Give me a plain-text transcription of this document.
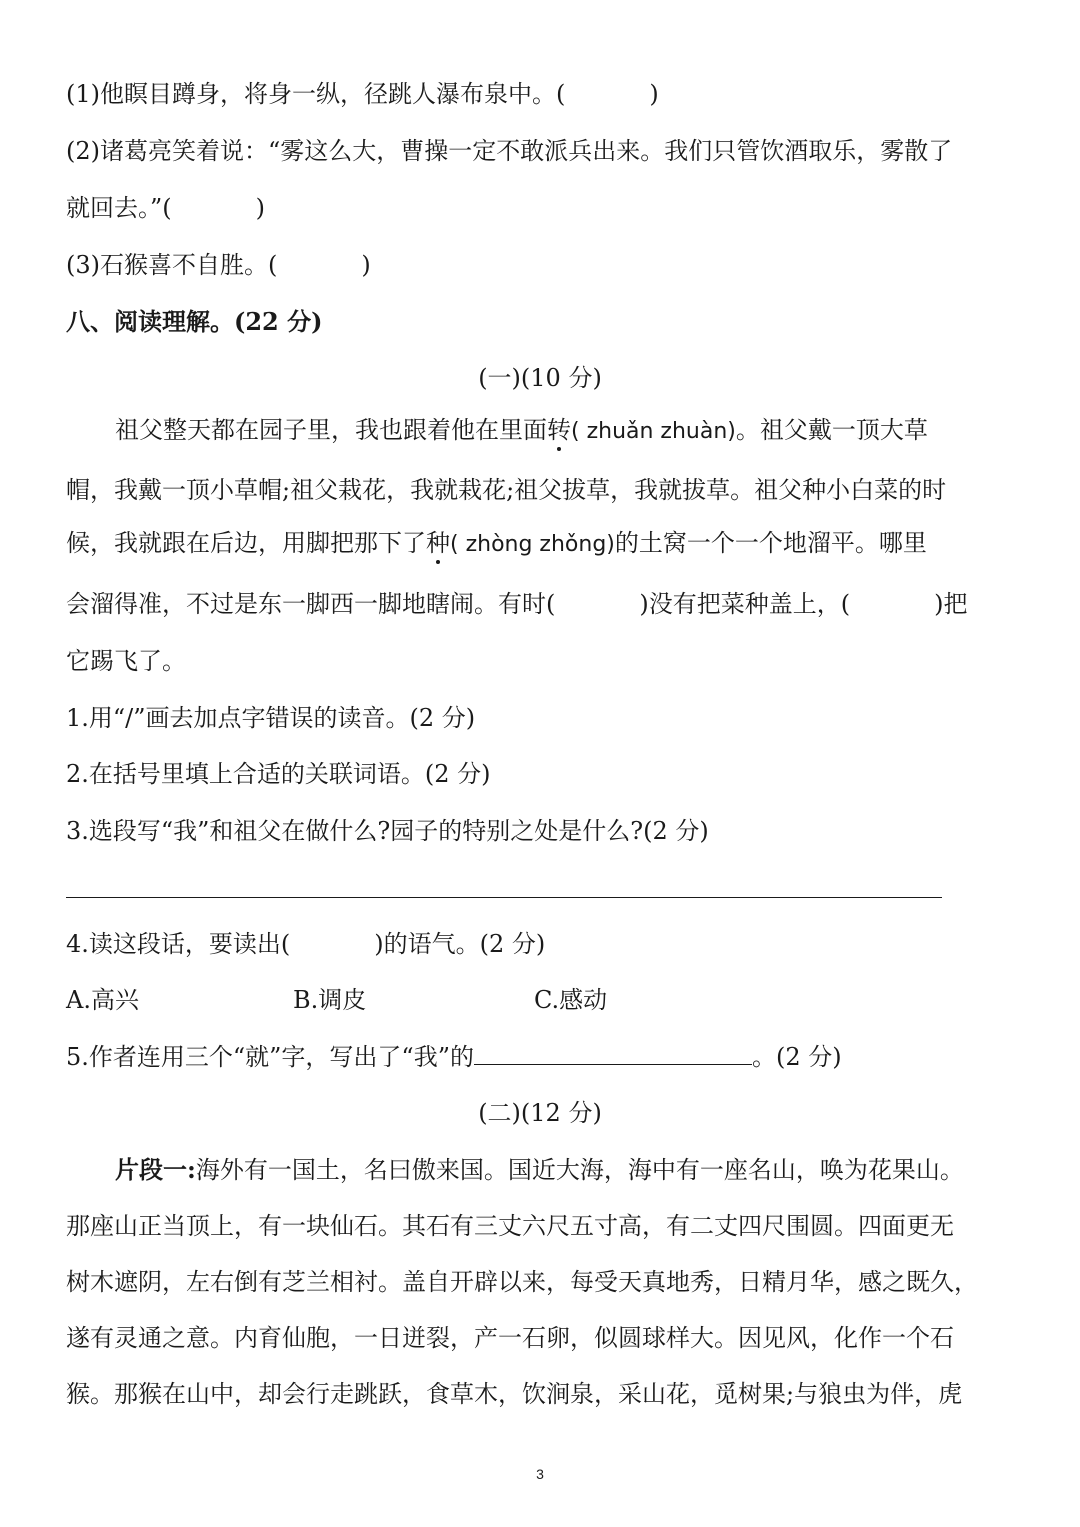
(1)他瞑目蹲身，将身一纵，径跳人瀑布泉中。(	)
(2)诸葛亮笑着说：“雾这么大，曹操一定不敢派兵出来。我们只管饮酒取乐，雾散了
就回去。”(	)
(3)石猴喜不自胜。(	)
八、阅读理解。(22 分)
(一)(10 分)
祖父整天都在园子里，我也跟着他在里面转( zhuǎn zhuàn)。祖父戴一顶大草
帽，我戴一顶小草帽;祖父栽花，我就栽花;祖父拔草，我就拔草。祖父种小白菜的时
候，我就跟在后边，用脚把那下了种( zhòng zhǒng)的土窝一个一个地溜平。哪里
会溜得准，不过是东一脚西一脚地瞎闹。有时(	)没有把菜种盖上，(	)把
它踢飞了。
1.用“/”画去加点字错误的读音。(2 分)
2.在括号里填上合适的关联词语。(2 分)
3.选段写“我”和祖父在做什么?园子的特别之处是什么?(2 分)
4.读这段话，要读出(	)的语气。(2 分)
A.高兴	B.调皮	C.感动
5.作者连用三个“就”字，写出了“我”的	。(2 分)
(二)(12 分)
片段一:海外有一国土，名曰傲来国。国近大海，海中有一座名山，唤为花果山。
那座山正当顶上，有一块仙石。其石有三丈六尺五寸高，有二丈四尺围圆。四面更无
树木遮阴，左右倒有芝兰相衬。盖自开辟以来，每受天真地秀，日精月华，感之既久，
遂有灵通之意。内育仙胞，一日迸裂，产一石卵，似圆球样大。因见风，化作一个石
猴。那猴在山中，却会行走跳跃，食草木，饮涧泉，采山花，觅树果;与狼虫为伴，虎
3
